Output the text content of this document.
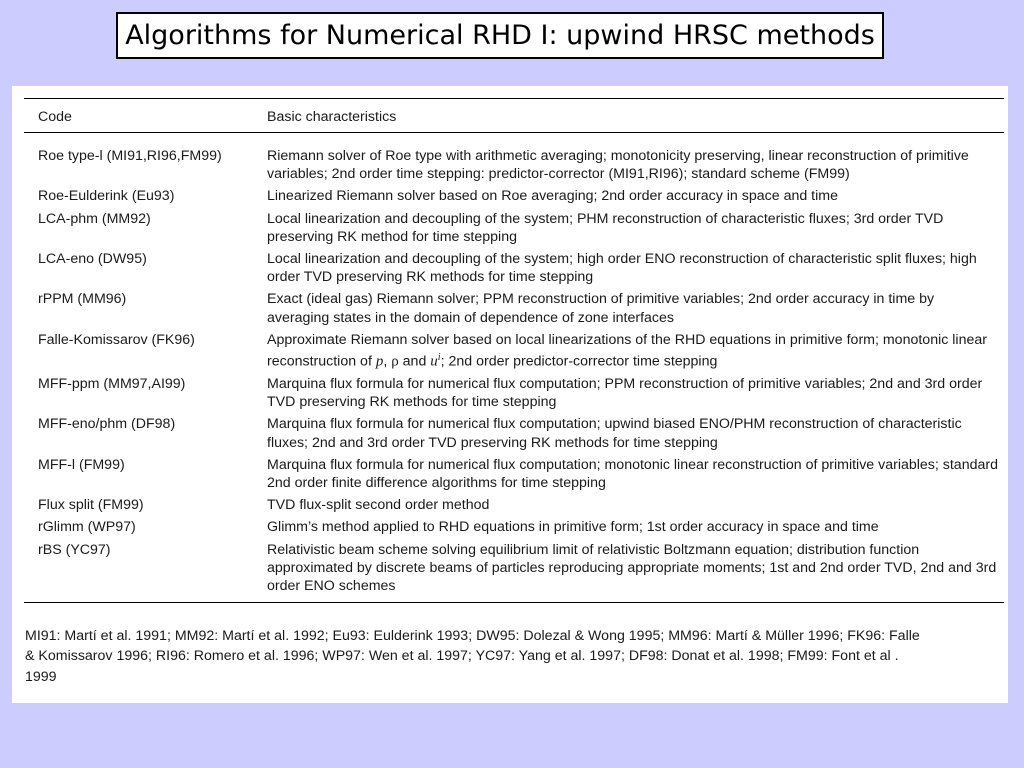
Algorithms for Numerical RHD I: upwind HRSC methods
Code	Basic characteristics
Roe type-l (MI91,RI96,FM99)	Riemann solver of Roe type with arithmetic averaging; monotonicity preserving, linear reconstruction of primitive variables; 2nd order time stepping: predictor-corrector (MI91,RI96); standard scheme (FM99)
Roe-Eulderink (Eu93)	Linearized Riemann solver based on Roe averaging; 2nd order accuracy in space and time
LCA-phm (MM92)	Local linearization and decoupling of the system; PHM reconstruction of characteristic fluxes; 3rd order TVD preserving RK method for time stepping
LCA-eno (DW95)	Local linearization and decoupling of the system; high order ENO reconstruction of characteristic split fluxes; high order TVD preserving RK methods for time stepping
rPPM (MM96)	Exact (ideal gas) Riemann solver; PPM reconstruction of primitive variables; 2nd order accuracy in time by averaging states in the domain of dependence of zone interfaces
Falle-Komissarov (FK96)	Approximate Riemann solver based on local linearizations of the RHD equations in primitive form; monotonic linear reconstruction of p, ρ and $u^i$; 2nd order predictor-corrector time stepping
MFF-ppm (MM97,AI99)	Marquina flux formula for numerical flux computation; PPM reconstruction of primitive variables; 2nd and 3rd order TVD preserving RK methods for time stepping
MFF-eno/phm (DF98)	Marquina flux formula for numerical flux computation; upwind biased ENO/PHM reconstruction of characteristic fluxes; 2nd and 3rd order TVD preserving RK methods for time stepping
MFF-l (FM99)	Marquina flux formula for numerical flux computation; monotonic linear reconstruction of primitive variables; standard 2nd order finite difference algorithms for time stepping
Flux split (FM99)	TVD flux-split second order method
rGlimm (WP97)	Glimm’s method applied to RHD equations in primitive form; 1st order accuracy in space and time
rBS (YC97)	Relativistic beam scheme solving equilibrium limit of relativistic Boltzmann equation; distribution function approximated by discrete beams of particles reproducing appropriate moments; 1st and 2nd order TVD, 2nd and 3rd order ENO schemes
MI91: Martí et al. 1991; MM92: Martí et al. 1992; Eu93: Eulderink 1993; DW95: Dolezal & Wong 1995; MM96: Martí & Müller 1996; FK96: Falle & Komissarov 1996; RI96: Romero et al. 1996; WP97: Wen et al. 1997; YC97: Yang et al. 1997; DF98: Donat et al. 1998; FM99: Font et al . 1999
